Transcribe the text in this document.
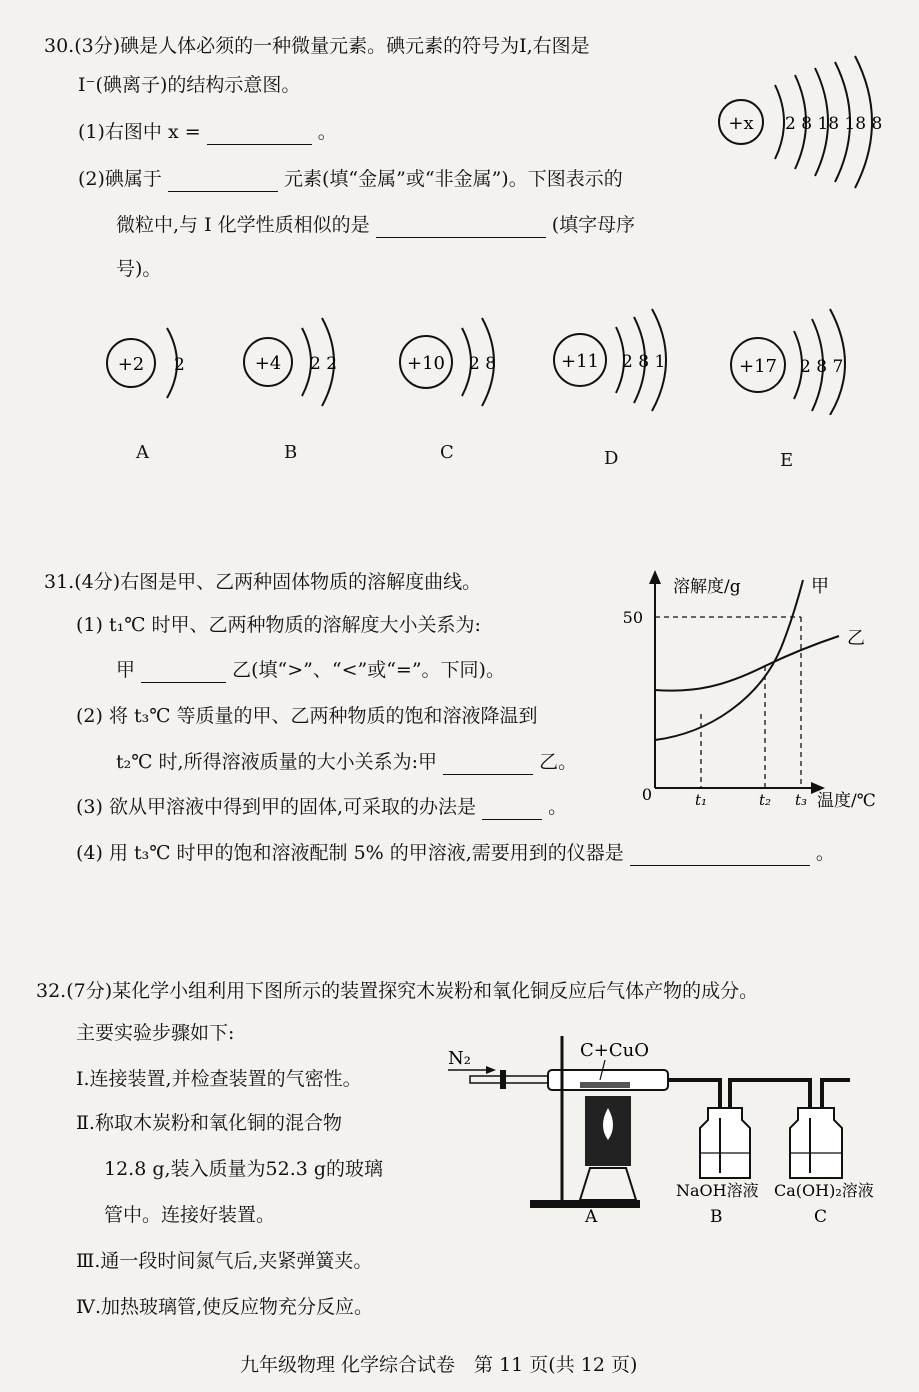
30.(3分)碘是人体必须的一种微量元素。碘元素的符号为I,右图是
I⁻(碘离子)的结构示意图。
(1)右图中 x =	。
(2)碘属于	元素(填“金属”或“非金属”)。下图表示的
微粒中,与 I 化学性质相似的是	(填字母序
号)。
+x 2 8 18 18 8
+2 2
A
+4 2 2
B
+10 2 8
C
+11 2 8 1
D
+17 2 8 7
E
31.(4分)右图是甲、乙两种固体物质的溶解度曲线。
(1) t₁℃ 时甲、乙两种物质的溶解度大小关系为:
甲	乙(填“>”、“<”或“=”。下同)。
(2) 将 t₃℃ 等质量的甲、乙两种物质的饱和溶液降温到
t₂℃ 时,所得溶液质量的大小关系为:甲	乙。
(3) 欲从甲溶液中得到甲的固体,可采取的办法是	。
(4) 用 t₃℃ 时甲的饱和溶液配制 5% 的甲溶液,需要用到的仪器是	。
溶解度/g
温度/℃
0
50
甲
乙
t₁	t₂ t₃
32.(7分)某化学小组利用下图所示的装置探究木炭粉和氧化铜反应后气体产物的成分。
主要实验步骤如下:
Ⅰ.连接装置,并检查装置的气密性。
Ⅱ.称取木炭粉和氧化铜的混合物
12.8 g,装入质量为52.3 g的玻璃
管中。连接好装置。
Ⅲ.通一段时间氮气后,夹紧弹簧夹。
Ⅳ.加热玻璃管,使反应物充分反应。
N₂	C+CuO
NaOH溶液 Ca(OH)₂溶液
A	B	C
九年级物理 化学综合试卷　第 11 页(共 12 页)
